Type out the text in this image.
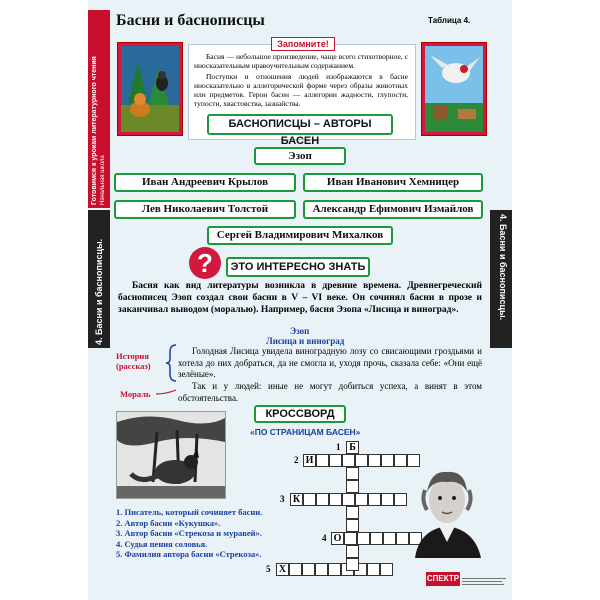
Готовимся к урокам литературного чтения Начальная школа
4. Басни и баснописцы.	4. Басни и баснописцы.
Басни и баснописцы	Таблица 4.
Запомните!
Басня — небольшое произведение, чаще всего стихотворное, с иносказательным нравоучительным содержанием.
Поступки и отношения людей изображаются в басне иносказательно в аллегорической форме через образы животных или предметов. Герои басен — аллегории жадности, глупости, тупости, хвастовства, зазнайства.
БАСНОПИСЦЫ – АВТОРЫ БАСЕН
Эзоп
Иван Андреевич Крылов	Иван Иванович Хемницер
Лев Николаевич Толстой	Александр Ефимович Измайлов
Сергей Владимирович Михалков
?	ЭТО ИНТЕРЕСНО ЗНАТЬ
Басня как вид литературы возникла в древние времена. Древнегреческий баснописец Эзоп создал свои басни в V – VI веке. Он сочинял басни в прозе и заканчивал выводом (моралью). Например, басня Эзопа «Лисица и виноград».
Эзоп
Лисица и виноград
История (рассказ)
Мораль
Голодная Лисица увидела виноградную лозу со свисающими гроздьями и хотела до них добраться, да не смогла и, уходя прочь, сказала себе: «Они ещё зелёные».
Так и у людей: иные не могут добиться успеха, а винят в этом обстоятельства.
КРОССВОРД
«ПО СТРАНИЦАМ БАСЕН»
1 Б
2 И
3 К
4 О
5 Х
1. Писатель, который сочиняет басни.
2. Автор басни «Кукушка».
3. Автор басни «Стрекоза и муравей».
4. Судья пения соловья.
5. Фамилия автора басни «Стрекоза».
СПЕКТР
